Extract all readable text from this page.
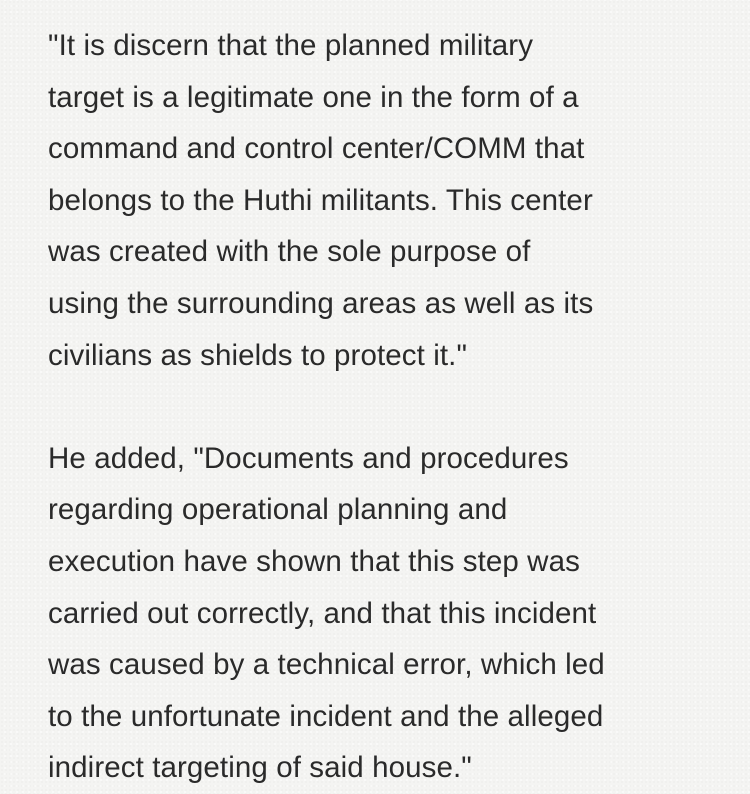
"It is discern that the planned military
target is a legitimate one in the form of a
command and control center/COMM that
belongs to the Huthi militants. This center
was created with the sole purpose of
using the surrounding areas as well as its
civilians as shields to protect it."

He added, "Documents and procedures
regarding operational planning and
execution have shown that this step was
carried out correctly, and that this incident
was caused by a technical error, which led
to the unfortunate incident and the alleged
indirect targeting of said house."
